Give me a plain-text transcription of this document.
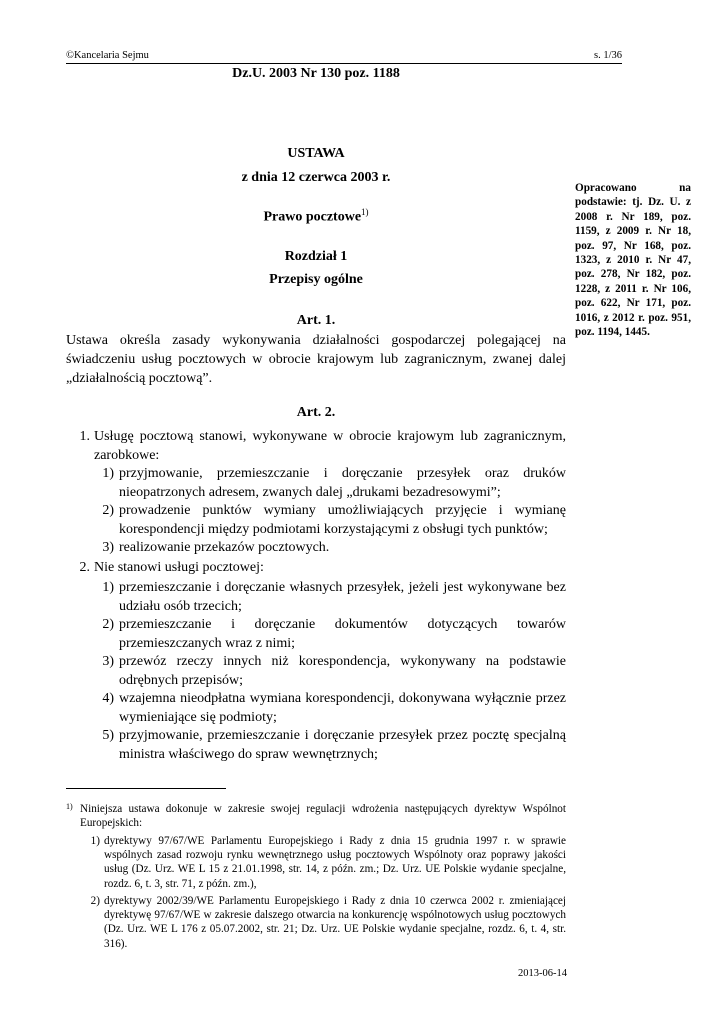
©Kancelaria Sejmu	s. 1/36
Dz.U. 2003 Nr 130 poz. 1188
USTAWA
z dnia 12 czerwca 2003 r.
Prawo pocztowe$^{1)}$
Rozdział 1
Przepisy ogólne
Opracowano na podstawie: tj. Dz. U. z 2008 r. Nr 189, poz. 1159, z 2009 r. Nr 18, poz. 97, Nr 168, poz. 1323, z 2010 r. Nr 47, poz. 278, Nr 182, poz. 1228, z 2011 r. Nr 106, poz. 622, Nr 171, poz. 1016, z 2012 r. poz. 951, poz. 1194, 1445.
Art. 1.
Ustawa określa zasady wykonywania działalności gospodarczej polegającej na świadczeniu usług pocztowych w obrocie krajowym lub zagranicznym, zwanej dalej „działalnością pocztową”.
Art. 2.
1. Usługę pocztową stanowi, wykonywane w obrocie krajowym lub zagranicznym, zarobkowe:
1) przyjmowanie, przemieszczanie i doręczanie przesyłek oraz druków nieopatrzonych adresem, zwanych dalej „drukami bezadresowymi”;
2) prowadzenie punktów wymiany umożliwiających przyjęcie i wymianę korespondencji między podmiotami korzystającymi z obsługi tych punktów;
3) realizowanie przekazów pocztowych.
2. Nie stanowi usługi pocztowej:
1) przemieszczanie i doręczanie własnych przesyłek, jeżeli jest wykonywane bez udziału osób trzecich;
2) przemieszczanie i doręczanie dokumentów dotyczących towarów przemieszczanych wraz z nimi;
3) przewóz rzeczy innych niż korespondencja, wykonywany na podstawie odrębnych przepisów;
4) wzajemna nieodpłatna wymiana korespondencji, dokonywana wyłącznie przez wymieniające się podmioty;
5) przyjmowanie, przemieszczanie i doręczanie przesyłek przez pocztę specjalną ministra właściwego do spraw wewnętrznych;
1) Niniejsza ustawa dokonuje w zakresie swojej regulacji wdrożenia następujących dyrektyw Wspólnot Europejskich:
1) dyrektywy 97/67/WE Parlamentu Europejskiego i Rady z dnia 15 grudnia 1997 r. w sprawie wspólnych zasad rozwoju rynku wewnętrznego usług pocztowych Wspólnoty oraz poprawy jakości usług (Dz. Urz. WE L 15 z 21.01.1998, str. 14, z późn. zm.; Dz. Urz. UE Polskie wydanie specjalne, rozdz. 6, t. 3, str. 71, z późn. zm.),
2) dyrektywy 2002/39/WE Parlamentu Europejskiego i Rady z dnia 10 czerwca 2002 r. zmieniającej dyrektywę 97/67/WE w zakresie dalszego otwarcia na konkurencję wspólnotowych usług pocztowych (Dz. Urz. WE L 176 z 05.07.2002, str. 21; Dz. Urz. UE Polskie wydanie specjalne, rozdz. 6, t. 4, str. 316).
2013-06-14
